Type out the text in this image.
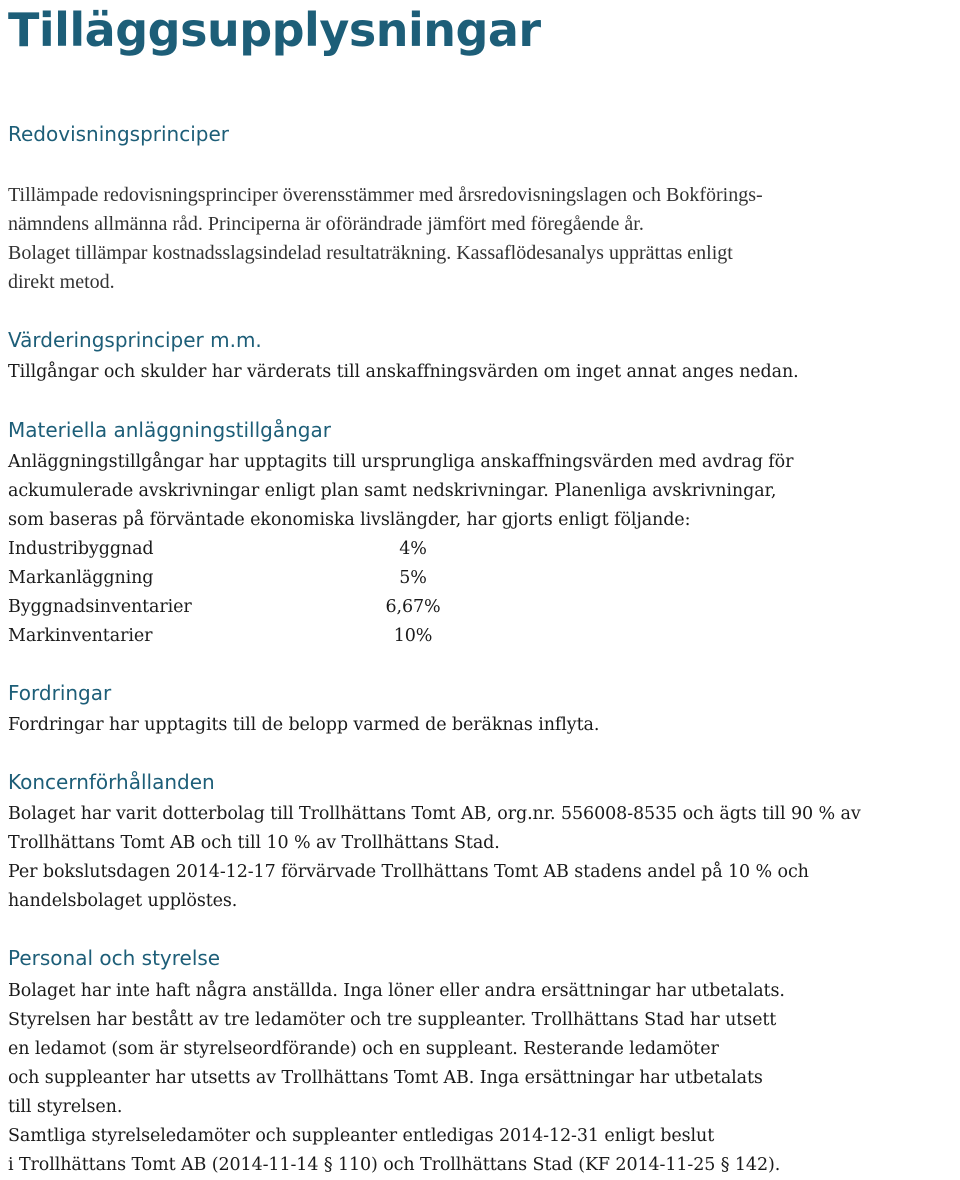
Tilläggsupplysningar
Redovisningsprinciper
Tillämpade redovisningsprinciper överensstämmer med årsredovisningslagen och Bokförings-
nämndens allmänna råd. Principerna är oförändrade jämfört med föregående år.
Bolaget tillämpar kostnadsslagsindelad resultaträkning. Kassaflödesanalys upprättas enligt
direkt metod.
Värderingsprinciper m.m.
Tillgångar och skulder har värderats till anskaffningsvärden om inget annat anges nedan.
Materiella anläggningstillgångar
Anläggningstillgångar har upptagits till ursprungliga anskaffningsvärden med avdrag för
ackumulerade avskrivningar enligt plan samt nedskrivningar. Planenliga avskrivningar,
som baseras på förväntade ekonomiska livslängder, har gjorts enligt följande:
Industribyggnad	4%
Markanläggning	5%
Byggnadsinventarier	6,67%
Markinventarier	10%
Fordringar
Fordringar har upptagits till de belopp varmed de beräknas inflyta.
Koncernförhållanden
Bolaget har varit dotterbolag till Trollhättans Tomt AB, org.nr. 556008-8535 och ägts till 90 % av
Trollhättans Tomt AB och till 10 % av Trollhättans Stad.
Per bokslutsdagen 2014-12-17 förvärvade Trollhättans Tomt AB stadens andel på 10 % och
handelsbolaget upplöstes.
Personal och styrelse
Bolaget har inte haft några anställda. Inga löner eller andra ersättningar har utbetalats.
Styrelsen har bestått av tre ledamöter och tre suppleanter. Trollhättans Stad har utsett
en ledamot (som är styrelseordförande) och en suppleant. Resterande ledamöter
och suppleanter har utsetts av Trollhättans Tomt AB. Inga ersättningar har utbetalats
till styrelsen.
Samtliga styrelseledamöter och suppleanter entledigas 2014-12-31 enligt beslut
i Trollhättans Tomt AB (2014-11-14 § 110) och Trollhättans Stad (KF 2014-11-25 § 142).
